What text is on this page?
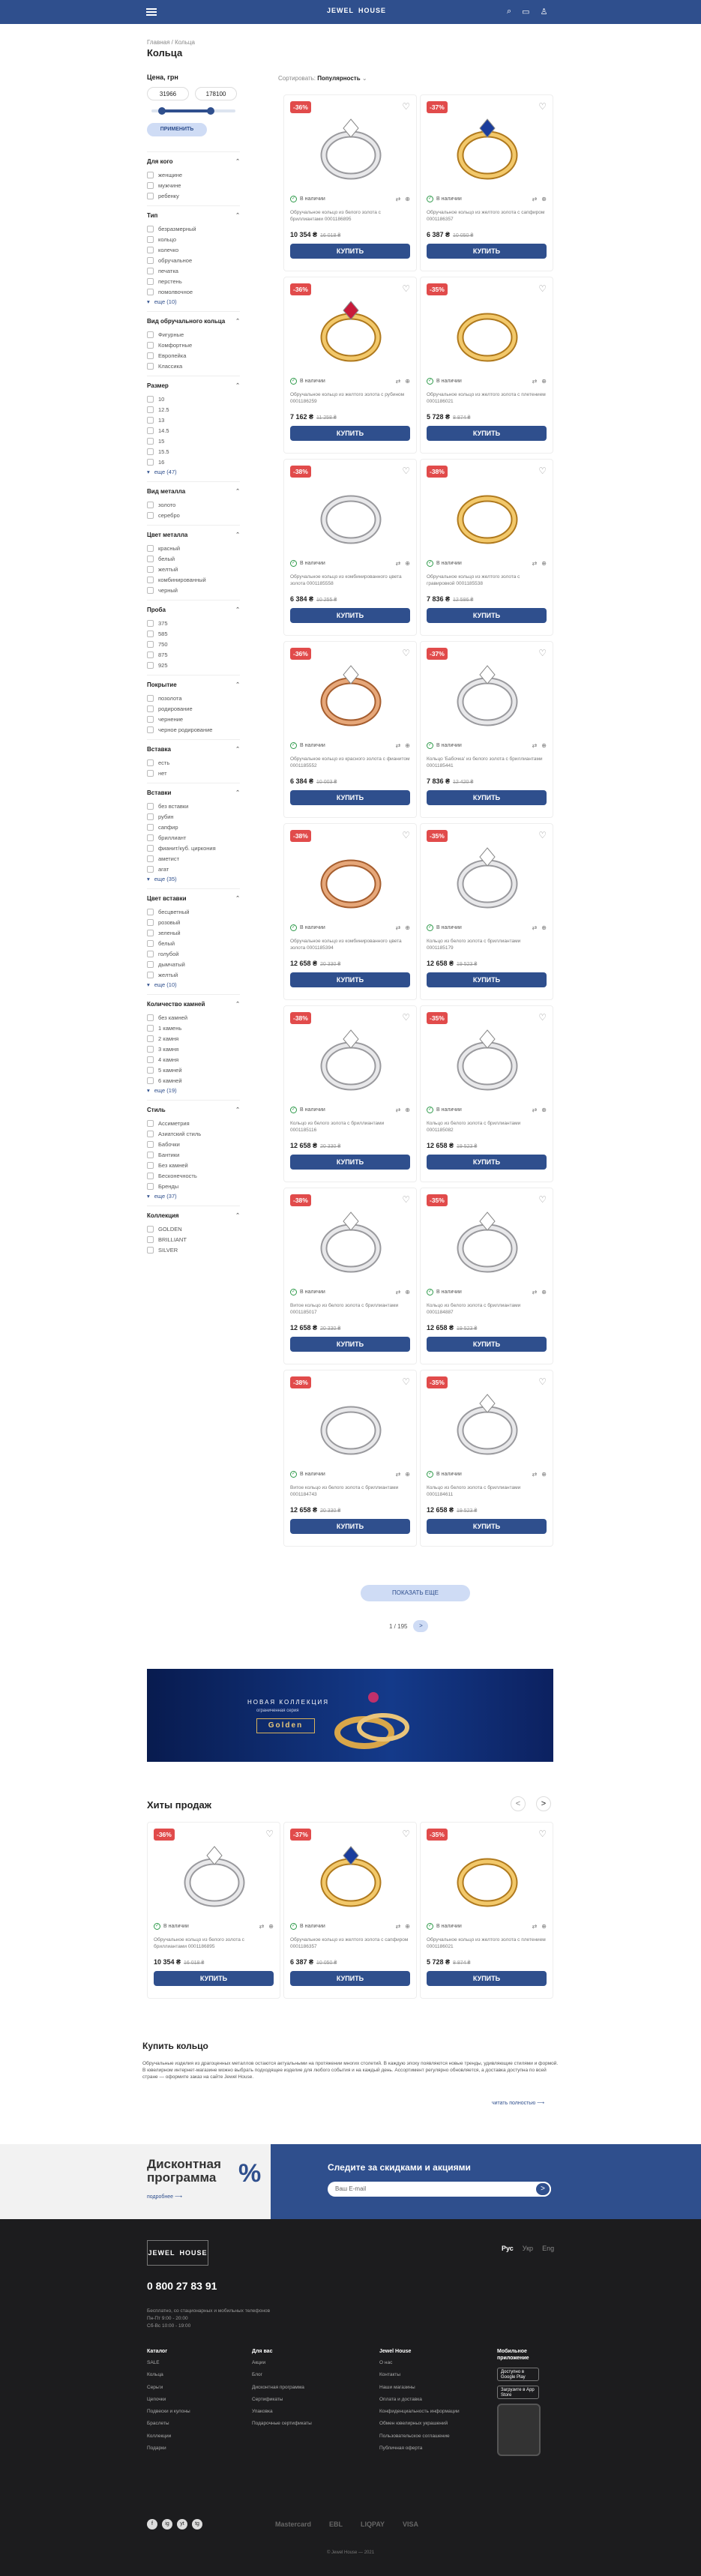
JEWEL HOUSE	⌕ ▭ ♙
Главная / Кольца
Кольца
Цена, грн
31966	178100
ПРИМЕНИТЬ
Для кого	⌃
женщине
мужчине
ребенку
Тип	⌃
безразмерный
кольцо
колечко
обручальное
печатка
перстень
помолвочное
▾ еще (10)
Вид обручального кольца ⌃
Фигурные
Комфортные
Европейка
Классика
Размер	⌃
10
12.5
13
14.5
15
15.5
16
▾ еще (47)
Вид металла	⌃
золото
серебро
Цвет металла	⌃
красный
белый
желтый
комбинированный
черный
Проба	⌃
375
585
750
875
925
Покрытие	⌃
позолота
родирование
чернение
черное родирование
Вставка	⌃
есть
нет
Вставки	⌃
без вставки
рубин
сапфир
бриллиант
фианит/куб. циркония
аметист
агат
▾ еще (35)
Цвет вставки	⌃
бесцветный
розовый
зеленый
белый
голубой
дымчатый
желтый
▾ еще (10)
Количество камней	⌃
без камней
1 камень
2 камня
3 камня
4 камня
5 камней
6 камней
▾ еще (19)
Стиль	⌃
Ассиметрия
Азиатский стиль
Бабочки
Бантики
Без камней
Бесконечность
Бренды
▾ еще (37)
Коллекция	⌃
GOLDEN
BRILLIANT
SILVER
Сортировать: Популярность ⌄
-36%	♡
✓ В наличии	⇄ ⊕
Обручальное кольцо из белого золота с бриллиантами 0001186895
10 354 ₴ 16 018 ₴
КУПИТЬ
-37%	♡
✓ В наличии	⇄ ⊕
Обручальное кольцо из желтого золота с сапфиром 0001186357
6 387 ₴ 10 050 ₴
КУПИТЬ
-36%	♡
✓ В наличии	⇄ ⊕
Обручальное кольцо из желтого золота с рубином 0001186259
7 162 ₴ 11 258 ₴
КУПИТЬ
-35%	♡
✓ В наличии	⇄ ⊕
Обручальное кольцо из желтого золота с плетением 0001186021
5 728 ₴ 8 874 ₴
КУПИТЬ
-38%	♡
✓ В наличии	⇄ ⊕
Обручальное кольцо из комбинированного цвета золота 0001185558
6 384 ₴ 10 255 ₴
КУПИТЬ
-38%	♡
✓ В наличии	⇄ ⊕
Обручальное кольцо из желтого золота с гравировкой 0001185538
7 836 ₴ 12 586 ₴
КУПИТЬ
-36%	♡
✓ В наличии	⇄ ⊕
Обручальное кольцо из красного золота с фианитом 0001185552
6 384 ₴ 10 003 ₴
КУПИТЬ
-37%	♡
✓ В наличии	⇄ ⊕
Кольцо 'Бабочка' из белого золота с бриллиантами 0001185441
7 836 ₴ 12 420 ₴
КУПИТЬ
-38%	♡
✓ В наличии	⇄ ⊕
Обручальное кольцо из комбинированного цвета золота 0001185394
12 658 ₴ 20 330 ₴
КУПИТЬ
-35%	♡
✓ В наличии	⇄ ⊕
Кольцо из белого золота с бриллиантами 0001185179
12 658 ₴ 19 523 ₴
КУПИТЬ
-38%	♡
✓ В наличии	⇄ ⊕
Кольцо из белого золота с бриллиантами 0001185116
12 658 ₴ 20 330 ₴
КУПИТЬ
-35%	♡
✓ В наличии	⇄ ⊕
Кольцо из белого золота с бриллиантами 0001185082
12 658 ₴ 19 523 ₴
КУПИТЬ
-38%	♡
✓ В наличии	⇄ ⊕
Витое кольцо из белого золота с бриллиантами 0001185017
12 658 ₴ 20 330 ₴
КУПИТЬ
-35%	♡
✓ В наличии	⇄ ⊕
Кольцо из белого золота с бриллиантами 0001184887
12 658 ₴ 19 523 ₴
КУПИТЬ
-38%	♡
✓ В наличии	⇄ ⊕
Витое кольцо из белого золота с бриллиантами 0001184743
12 658 ₴ 20 330 ₴
КУПИТЬ
-35%	♡
✓ В наличии	⇄ ⊕
Кольцо из белого золота с бриллиантами 0001184611
12 658 ₴ 19 523 ₴
КУПИТЬ
ПОКАЗАТЬ ЕЩЕ
1 / 195	>
НОВАЯ КОЛЛЕКЦИЯ
ограниченная серия
Golden
Хиты продаж	<	>
-36%	♡
✓ В наличии	⇄ ⊕
Обручальное кольцо из белого золота с бриллиантами 0001186895
10 354 ₴ 16 018 ₴
КУПИТЬ
-37%	♡
✓ В наличии	⇄ ⊕
Обручальное кольцо из желтого золота с сапфиром 0001186357
6 387 ₴ 10 050 ₴
КУПИТЬ
-35%	♡
✓ В наличии	⇄ ⊕
Обручальное кольцо из желтого золота с плетением 0001186021
5 728 ₴ 8 874 ₴
КУПИТЬ
Купить кольцо
Обручальные изделия из драгоценных металлов остаются актуальными на протяжении многих столетий. В каждую эпоху появляются новые тренды, удивляющие стилями и формой. В ювелирном интернет-магазине можно выбрать подходящее изделие для любого события и на каждый день. Ассортимент регулярно обновляется, а доставка доступна по всей стране — оформите заказ на сайте Jewel House.
читать полностью ⟶
Дисконтная
программа
подробнее ⟶
%	Следите за скидками и акциями
Ваш E-mail	>
JEWEL HOUSE
Рус Укр Eng
0 800 27 83 91
Бесплатно, со стационарных и мобильных телефонов
Пн-Пт 9:00 - 20:00
Сб-Вс 10:00 - 19:00
Каталог
SALE
Кольца
Серьги
Цепочки
Подвески и кулоны
Браслеты
Коллекции
Подарки
Для вас
Акции
Блог
Дисконтная программа
Сертификаты
Упаковка
Подарочные сертификаты
Jewel House
О нас
Контакты
Наши магазины
Оплата и доставка
Конфиденциальность информации
Обмен ювелирных украшений
Пользовательское соглашение
Публичная оферта
Мобильное приложение
Доступно в Google Play
Загрузите в App Store
f	ig	yt	tg	Mastercard	EBL	LIQPAY	VISA
© Jewel House — 2021
